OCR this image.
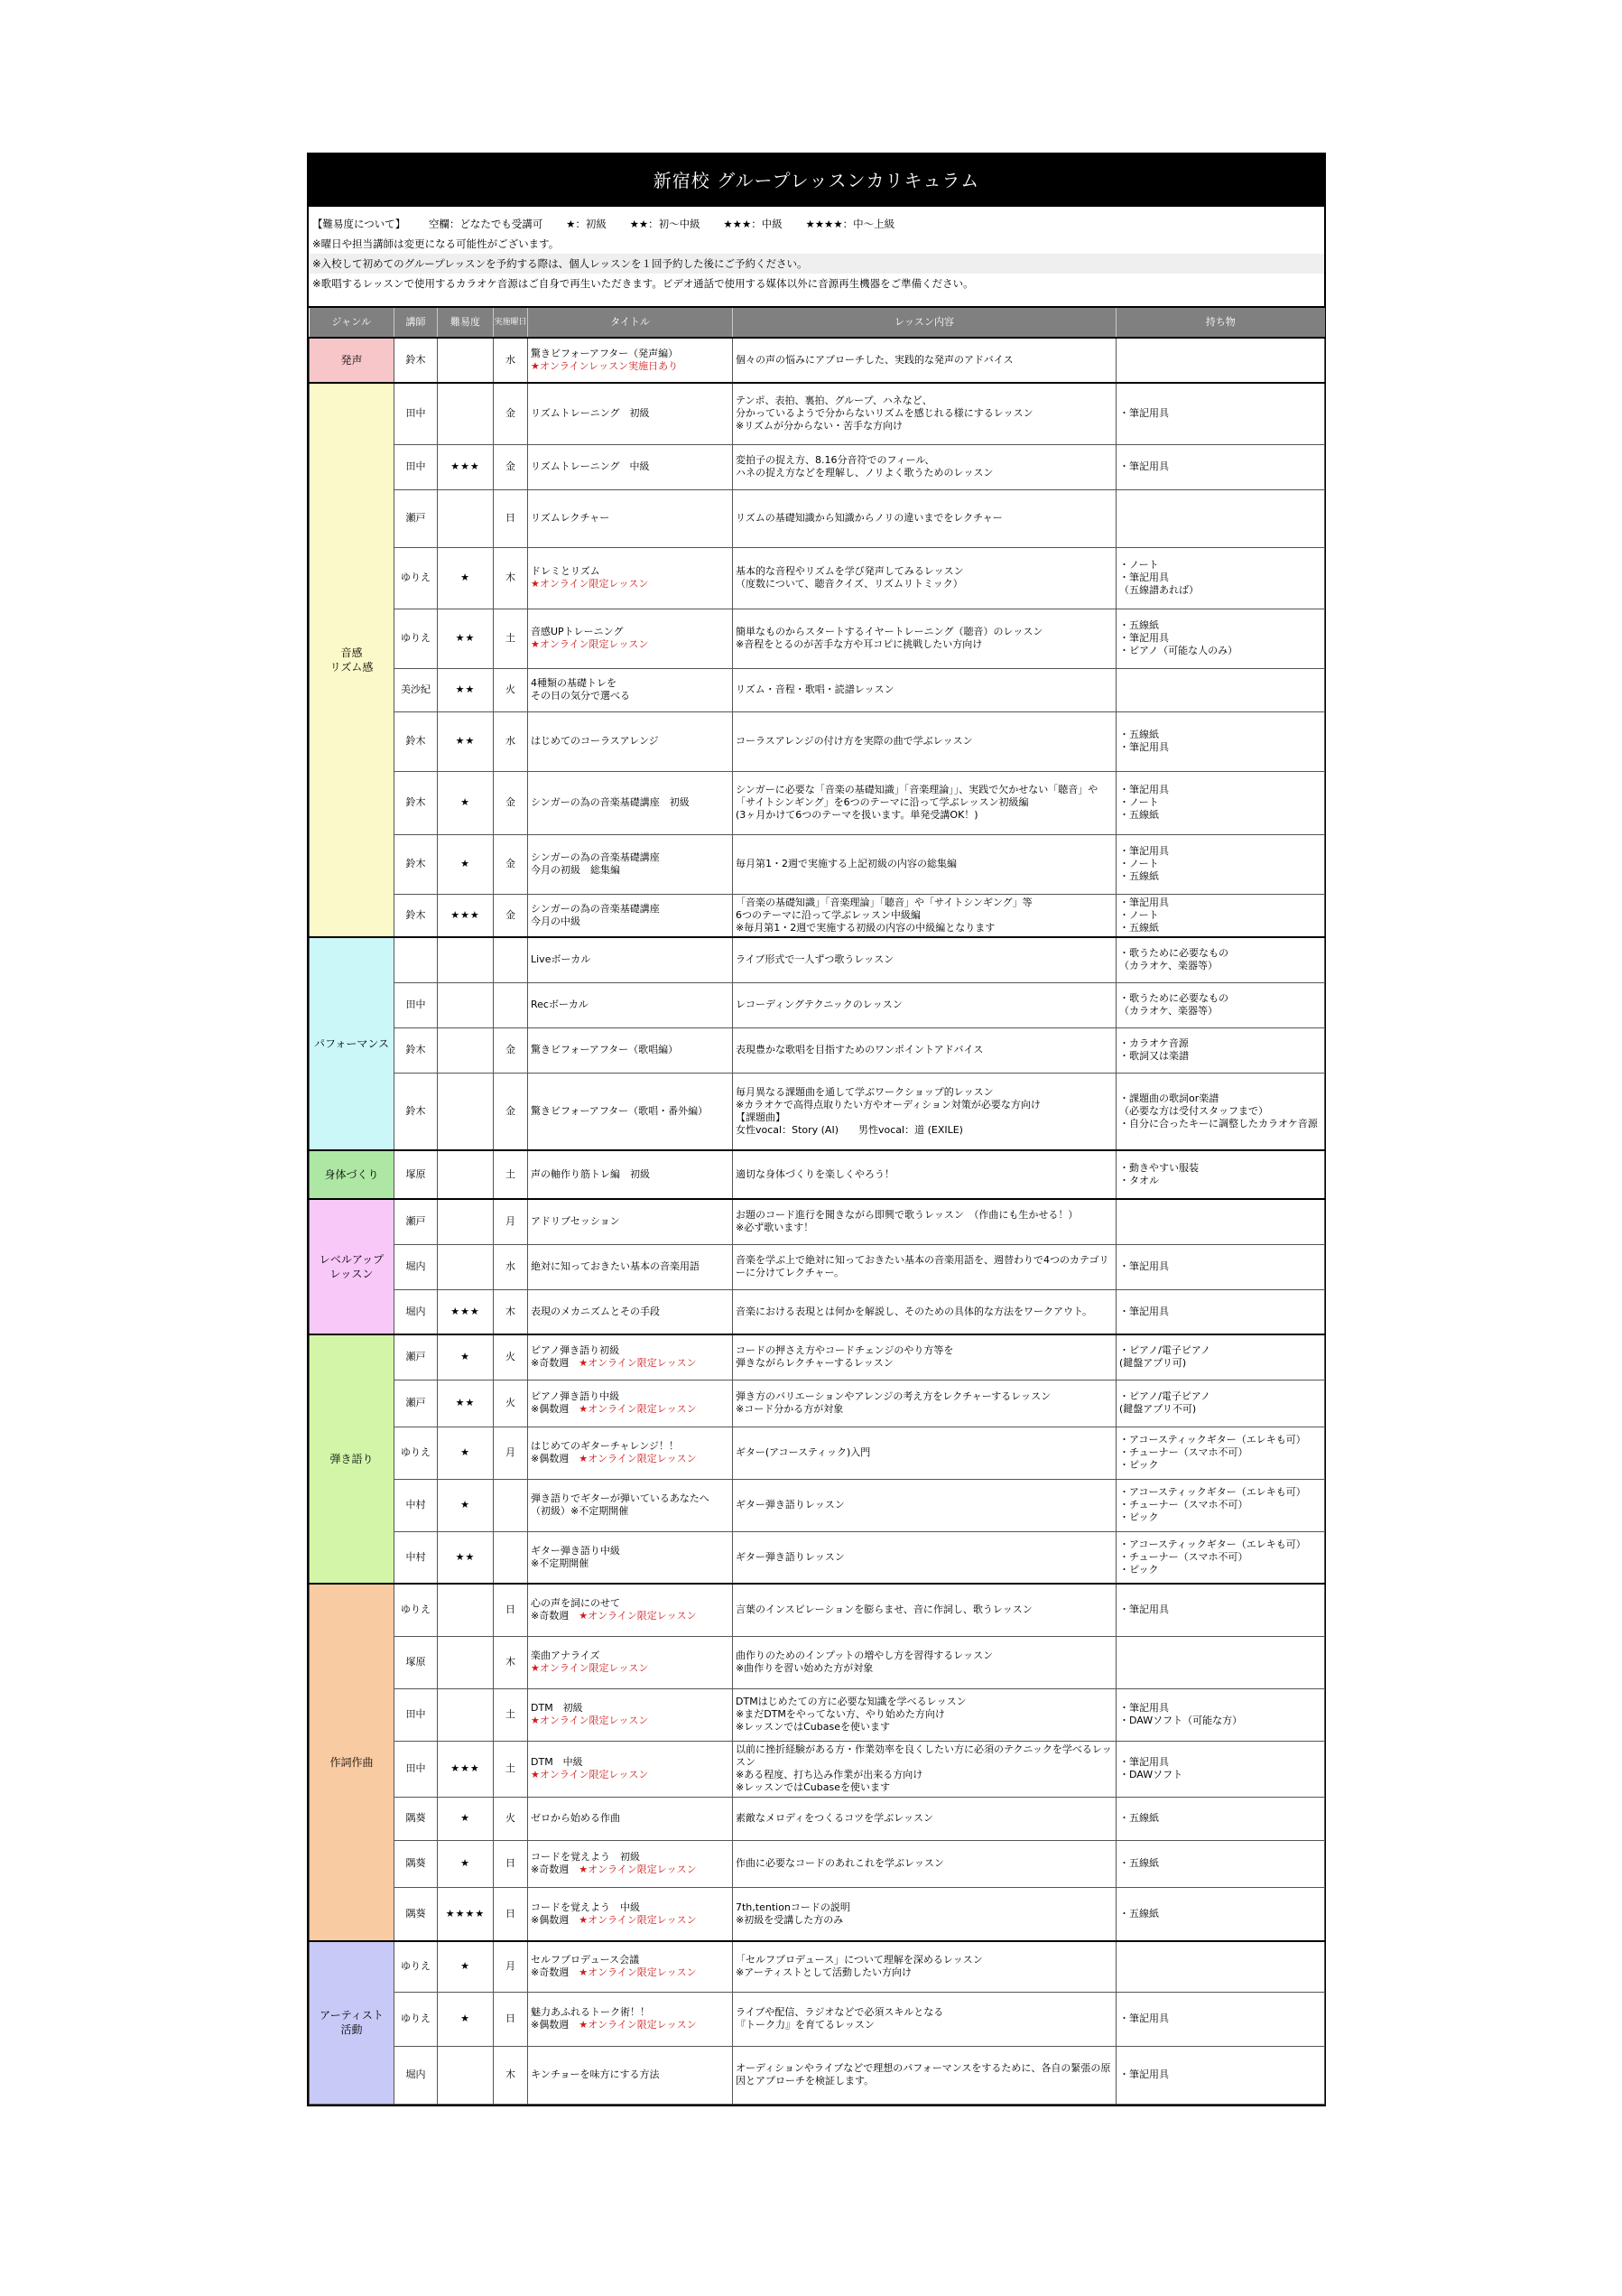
新宿校 グループレッスンカリキュラム
【難易度について】 空欄：どなたでも受講可 ★：初級 ★★：初～中級 ★★★：中級 ★★★★：中～上級
※曜日や担当講師は変更になる可能性がございます。
※入校して初めてのグループレッスンを予約する際は、個人レッスンを１回予約した後にご予約ください。
※歌唱するレッスンで使用するカラオケ音源はご自身で再生いただきます。ビデオ通話で使用する媒体以外に音源再生機器をご準備ください。
ジャンル	講師	難易度	実施曜日	タイトル	レッスン内容	持ち物

発声	鈴木		水	驚きビフォーアフター（発声編）
★オンラインレッスン実施日あり	個々の声の悩みにアプローチした、実践的な発声のアドバイス	

音感
リズム感	田中		金	リズムトレーニング　初級	テンポ、表拍、裏拍、グループ、ハネなど、
分かっているようで分からないリズムを感じれる様にするレッスン
※リズムが分からない・苦手な方向け	・筆記用具

	田中	★★★	金	リズムトレーニング　中級	変拍子の捉え方、8.16分音符でのフィール、
ハネの捉え方などを理解し、ノリよく歌うためのレッスン	・筆記用具

	瀬戸		日	リズムレクチャー	リズムの基礎知識から知識からノリの違いまでをレクチャー	

	ゆりえ	★	木	ドレミとリズム
★オンライン限定レッスン	基本的な音程やリズムを学び発声してみるレッスン
（度数について、聴音クイズ、リズムリトミック）	・ノート
・筆記用具
（五線譜あれば）

	ゆりえ	★★	土	音感UPトレーニング
★オンライン限定レッスン	簡単なものからスタートするイヤートレーニング（聴音）のレッスン
※音程をとるのが苦手な方や耳コピに挑戦したい方向け	・五線紙
・筆記用具
・ピアノ（可能な人のみ）

	美沙紀	★★	火	4種類の基礎トレを
その日の気分で選べる	リズム・音程・歌唱・読譜レッスン	

	鈴木	★★	水	はじめてのコーラスアレンジ	コーラスアレンジの付け方を実際の曲で学ぶレッスン	・五線紙
・筆記用具

	鈴木	★	金	シンガーの為の音楽基礎講座　初級	シンガーに必要な「音楽の基礎知識」「音楽理論」」、実践で欠かせない「聴音」や
「サイトシンギング」を6つのテーマに沿って学ぶレッスン初級編
(3ヶ月かけて6つのテーマを扱います。単発受講OK！)	・筆記用具
・ノート
・五線紙

	鈴木	★	金	シンガーの為の音楽基礎講座
今月の初級　総集編	毎月第1・2週で実施する上記初級の内容の総集編	・筆記用具
・ノート
・五線紙

	鈴木	★★★	金	シンガーの為の音楽基礎講座
今月の中級	「音楽の基礎知識」「音楽理論」「聴音」や「サイトシンギング」等
6つのテーマに沿って学ぶレッスン中級編
※毎月第1・2週で実施する初級の内容の中級編となります	・筆記用具
・ノート
・五線紙

パフォーマンス				Liveボーカル	ライブ形式で一人ずつ歌うレッスン	・歌うために必要なもの
（カラオケ、楽器等）

	田中			Recボーカル	レコーディングテクニックのレッスン	・歌うために必要なもの
（カラオケ、楽器等）

	鈴木		金	驚きビフォーアフター（歌唱編）	表現豊かな歌唱を目指すためのワンポイントアドバイス	・カラオケ音源
・歌詞又は楽譜

	鈴木		金	驚きビフォーアフター（歌唱・番外編）	毎月異なる課題曲を通して学ぶワークショップ的レッスン
※カラオケで高得点取りたい方やオーディション対策が必要な方向け
【課題曲】
女性vocal：Story (AI)　　男性vocal：道 (EXILE)	・課題曲の歌詞or楽譜
（必要な方は受付スタッフまで）
・自分に合ったキーに調整したカラオケ音源

身体づくり	塚原		土	声の軸作り筋トレ編　初級	適切な身体づくりを楽しくやろう！	・動きやすい服装
・タオル

レベルアップ
レッスン	瀬戸		月	アドリブセッション	お題のコード進行を聞きながら即興で歌うレッスン　（作曲にも生かせる！）
※必ず歌います！	

	堀内		水	絶対に知っておきたい基本の音楽用語	音楽を学ぶ上で絶対に知っておきたい基本の音楽用語を、週替わりで4つのカテゴリーに分けてレクチャー。	・筆記用具

	堀内	★★★	木	表現のメカニズムとその手段	音楽における表現とは何かを解説し、そのための具体的な方法をワークアウト。	・筆記用具

弾き語り	瀬戸	★	火	ピアノ弾き語り初級
※奇数週　★オンライン限定レッスン	コードの押さえ方やコードチェンジのやり方等を
弾きながらレクチャーするレッスン	・ピアノ/電子ピアノ
(鍵盤アプリ可)

	瀬戸	★★	火	ピアノ弾き語り中級
※偶数週　★オンライン限定レッスン	弾き方のバリエーションやアレンジの考え方をレクチャーするレッスン
※コード分かる方が対象	・ピアノ/電子ピアノ
(鍵盤アプリ不可)

	ゆりえ	★	月	はじめてのギターチャレンジ！！
※偶数週　★オンライン限定レッスン	ギター(アコースティック)入門	・アコースティックギター（エレキも可）
・チューナー（スマホ不可）
・ピック

	中村	★		弾き語りでギターが弾いているあなたへ
（初級）※不定期開催	ギター弾き語りレッスン	・アコースティックギター（エレキも可）
・チューナー（スマホ不可）
・ピック

	中村	★★		ギター弾き語り中級
※不定期開催	ギター弾き語りレッスン	・アコースティックギター（エレキも可）
・チューナー（スマホ不可）
・ピック

作詞作曲	ゆりえ		日	心の声を詞にのせて
※奇数週　★オンライン限定レッスン	言葉のインスピレーションを膨らませ、音に作詞し、歌うレッスン	・筆記用具

	塚原		木	楽曲アナライズ
★オンライン限定レッスン	曲作りのためのインプットの増やし方を習得するレッスン
※曲作りを習い始めた方が対象	

	田中		土	DTM　初級
★オンライン限定レッスン	DTMはじめたての方に必要な知識を学べるレッスン
※まだDTMをやってない方、やり始めた方向け
※レッスンではCubaseを使います	・筆記用具
・DAWソフト（可能な方）

	田中	★★★	土	DTM　中級
★オンライン限定レッスン	以前に挫折経験がある方・作業効率を良くしたい方に必須のテクニックを学べるレッスン
※ある程度、打ち込み作業が出来る方向け
※レッスンではCubaseを使います	・筆記用具
・DAWソフト

	隅葵	★	火	ゼロから始める作曲	素敵なメロディをつくるコツを学ぶレッスン	・五線紙

	隅葵	★	日	コードを覚えよう　初級
※奇数週　★オンライン限定レッスン	作曲に必要なコードのあれこれを学ぶレッスン	・五線紙

	隅葵	★★★★	日	コードを覚えよう　中級
※偶数週　★オンライン限定レッスン	7th,tentionコードの説明
※初級を受講した方のみ	・五線紙

アーティスト
活動	ゆりえ	★	月	セルフプロデュース会議
※奇数週　★オンライン限定レッスン	「セルフプロデュース」について理解を深めるレッスン
※アーティストとして活動したい方向け	

	ゆりえ	★	日	魅力あふれるトーク術！！
※偶数週　★オンライン限定レッスン	ライブや配信、ラジオなどで必須スキルとなる
『トーク力』を育てるレッスン	・筆記用具

	堀内		木	キンチョーを味方にする方法	オーディションやライブなどで理想のパフォーマンスをするために、各自の緊張の原因とアプローチを検証します。	・筆記用具
